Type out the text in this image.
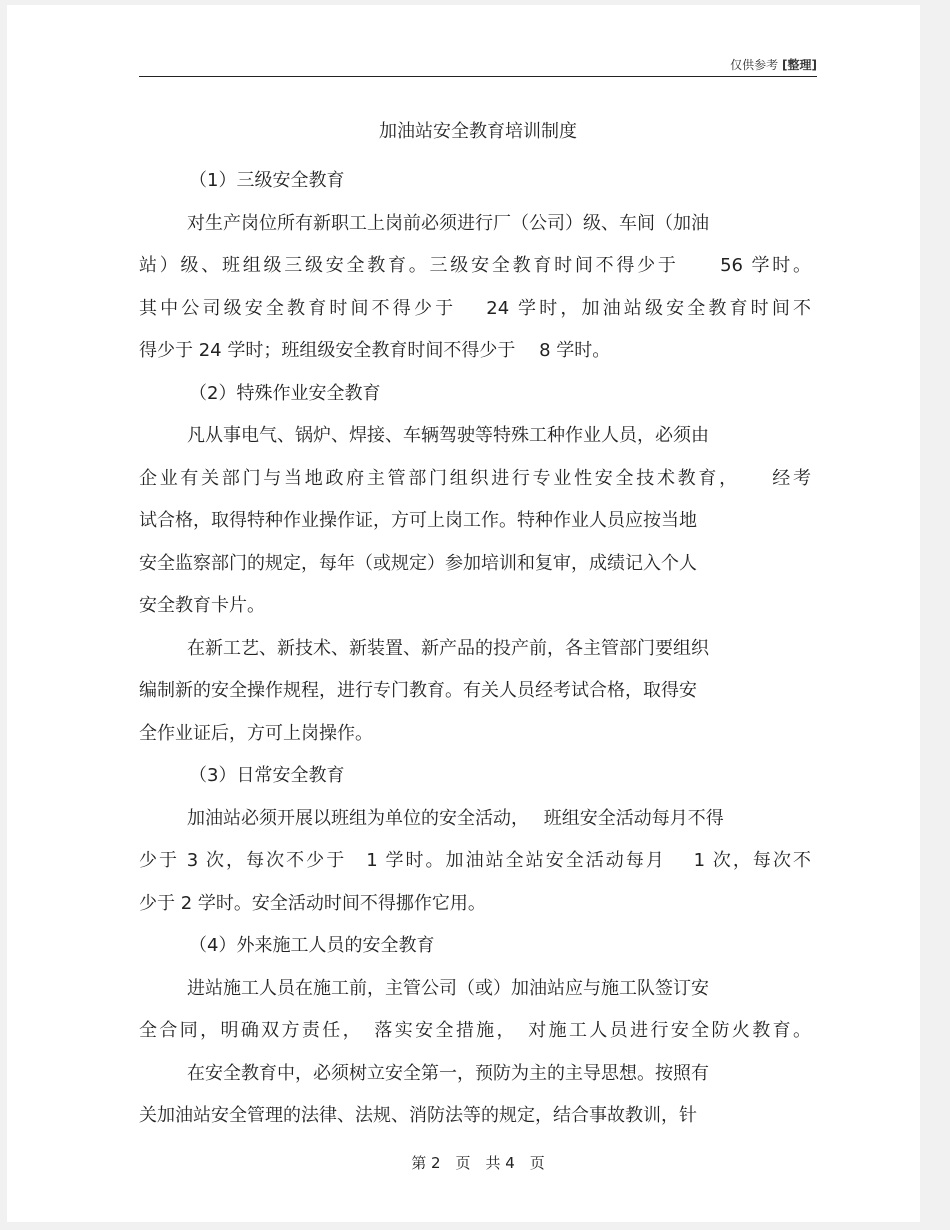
仅供参考 [整理]
加油站安全教育培训制度
（1）三级安全教育
对生产岗位所有新职工上岗前必须进行厂（公司）级、车间（加油
站）级、班组级三级安全教育。三级安全教育时间不得少于　　56 学时。
其中公司级安全教育时间不得少于　 24 学时，加油站级安全教育时间不
得少于 24 学时；班组级安全教育时间不得少于　 8 学时。
（2）特殊作业安全教育
凡从事电气、锅炉、焊接、车辆驾驶等特殊工种作业人员，必须由
企业有关部门与当地政府主管部门组织进行专业性安全技术教育，　　经考
试合格，取得特种作业操作证，方可上岗工作。特种作业人员应按当地
安全监察部门的规定，每年（或规定）参加培训和复审，成绩记入个人
安全教育卡片。
在新工艺、新技术、新装置、新产品的投产前，各主管部门要组织
编制新的安全操作规程，进行专门教育。有关人员经考试合格，取得安
全作业证后，方可上岗操作。
（3）日常安全教育
加油站必须开展以班组为单位的安全活动，　 班组安全活动每月不得
少于 3 次，每次不少于　1 学时。加油站全站安全活动每月　 1 次，每次不
少于 2 学时。安全活动时间不得挪作它用。
（4）外来施工人员的安全教育
进站施工人员在施工前，主管公司（或）加油站应与施工队签订安
全合同，明确双方责任，　落实安全措施，　对施工人员进行安全防火教育。
在安全教育中，必须树立安全第一，预防为主的主导思想。按照有
关加油站安全管理的法律、法规、消防法等的规定，结合事故教训，针
第 2　页　共 4　页
